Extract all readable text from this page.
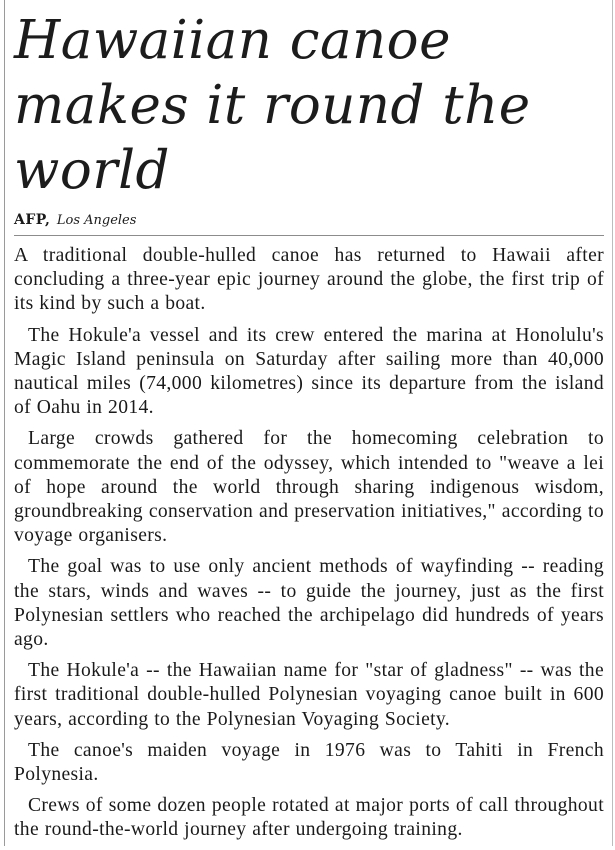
Hawaiian canoe makes it round the world
AFP, Los Angeles

A traditional double-hulled canoe has returned to Hawaii after concluding a three-year epic journey around the globe, the first trip of its kind by such a boat.

The Hokule'a vessel and its crew entered the marina at Honolulu's Magic Island peninsula on Saturday after sailing more than 40,000 nautical miles (74,000 kilometres) since its departure from the island of Oahu in 2014.

Large crowds gathered for the homecoming celebration to commemorate the end of the odyssey, which intended to "weave a lei of hope around the world through sharing indigenous wisdom, groundbreaking conservation and preservation initiatives," according to voyage organisers.

The goal was to use only ancient methods of wayfinding -- reading the stars, winds and waves -- to guide the journey, just as the first Polynesian settlers who reached the archipelago did hundreds of years ago.

The Hokule'a -- the Hawaiian name for "star of gladness" -- was the first traditional double-hulled Polynesian voyaging canoe built in 600 years, according to the Polynesian Voyaging Society.

The canoe's maiden voyage in 1976 was to Tahiti in French Polynesia.

Crews of some dozen people rotated at major ports of call throughout the round-the-world journey after undergoing training.
